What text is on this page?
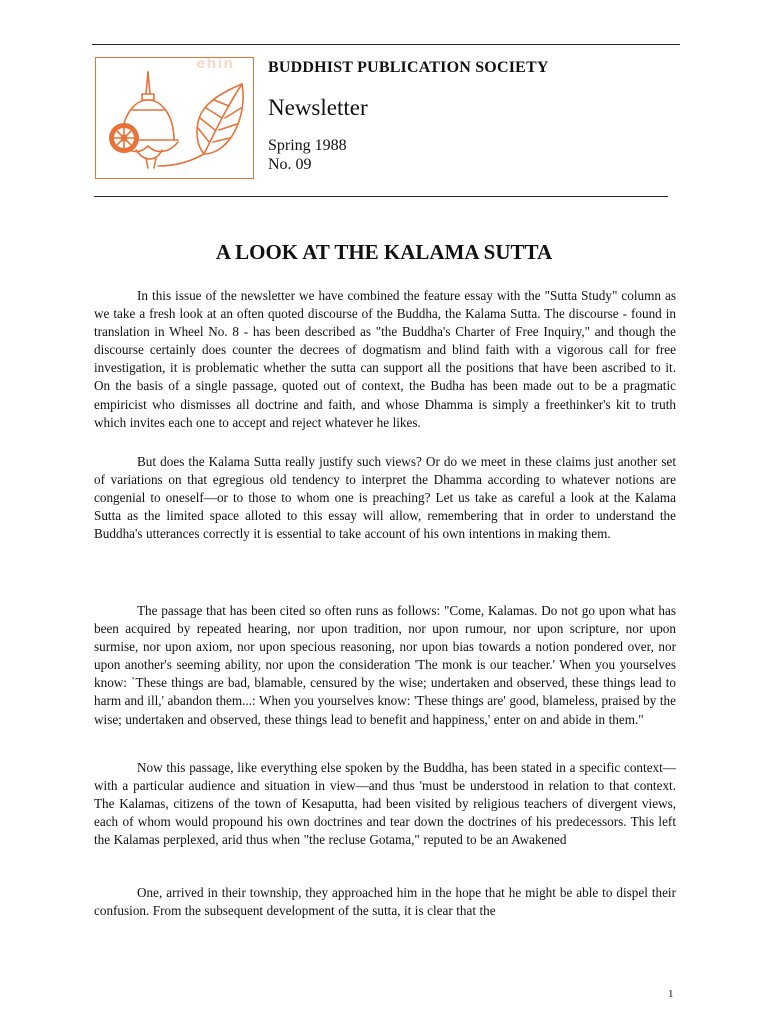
ehin BUDDHIST PUBLICATION SOCIETY

Newsletter

Spring 1988

No. 09

A LOOK AT THE KALAMA SUTTA

In this issue of the newsletter we have combined the feature essay with the "Sutta Study" column as we take a fresh look at an often quoted discourse of the Buddha, the Kalama Sutta. The discourse - found in translation in Wheel No. 8 - has been described as "the Buddha's Charter of Free Inquiry," and though the discourse certainly does counter the decrees of dogmatism and blind faith with a vigorous call for free investigation, it is problematic whether the sutta can support all the positions that have been ascribed to it. On the basis of a single passage, quoted out of context, the Budha has been made out to be a pragmatic empiricist who dismisses all doctrine and faith, and whose Dhamma is simply a freethinker's kit to truth which invites each one to accept and reject whatever he likes.

But does the Kalama Sutta really justify such views? Or do we meet in these claims just another set of variations on that egregious old tendency to interpret the Dhamma according to whatever notions are congenial to oneself—or to those to whom one is preaching? Let us take as careful a look at the Kalama Sutta as the limited space alloted to this essay will allow, remembering that in order to understand the Buddha's utterances correctly it is essential to take account of his own intentions in making them.

The passage that has been cited so often runs as follows: "Come, Kalamas. Do not go upon what has been acquired by repeated hearing, nor upon tradition, nor upon rumour, nor upon scripture, nor upon surmise, nor upon axiom, nor upon specious reasoning, nor upon bias towards a notion pondered over, nor upon another's seeming ability, nor upon the consideration 'The monk is our teacher.' When you yourselves know: `These things are bad, blamable, censured by the wise; undertaken and observed, these things lead to harm and ill,' abandon them...: When you yourselves know: 'These things are' good, blameless, praised by the wise; undertaken and observed, these things lead to benefit and happiness,' enter on and abide in them."

Now this passage, like everything else spoken by the Buddha, has been stated in a specific context—with a particular audience and situation in view—and thus 'must be understood in relation to that context. The Kalamas, citizens of the town of Kesaputta, had been visited by religious teachers of divergent views, each of whom would propound his own doctrines and tear down the doctrines of his predecessors. This left the Kalamas perplexed, arid thus when "the recluse Gotama," reputed to be an Awakened

One, arrived in their township, they approached him in the hope that he might be able to dispel their confusion. From the subsequent development of the sutta, it is clear that the

1
